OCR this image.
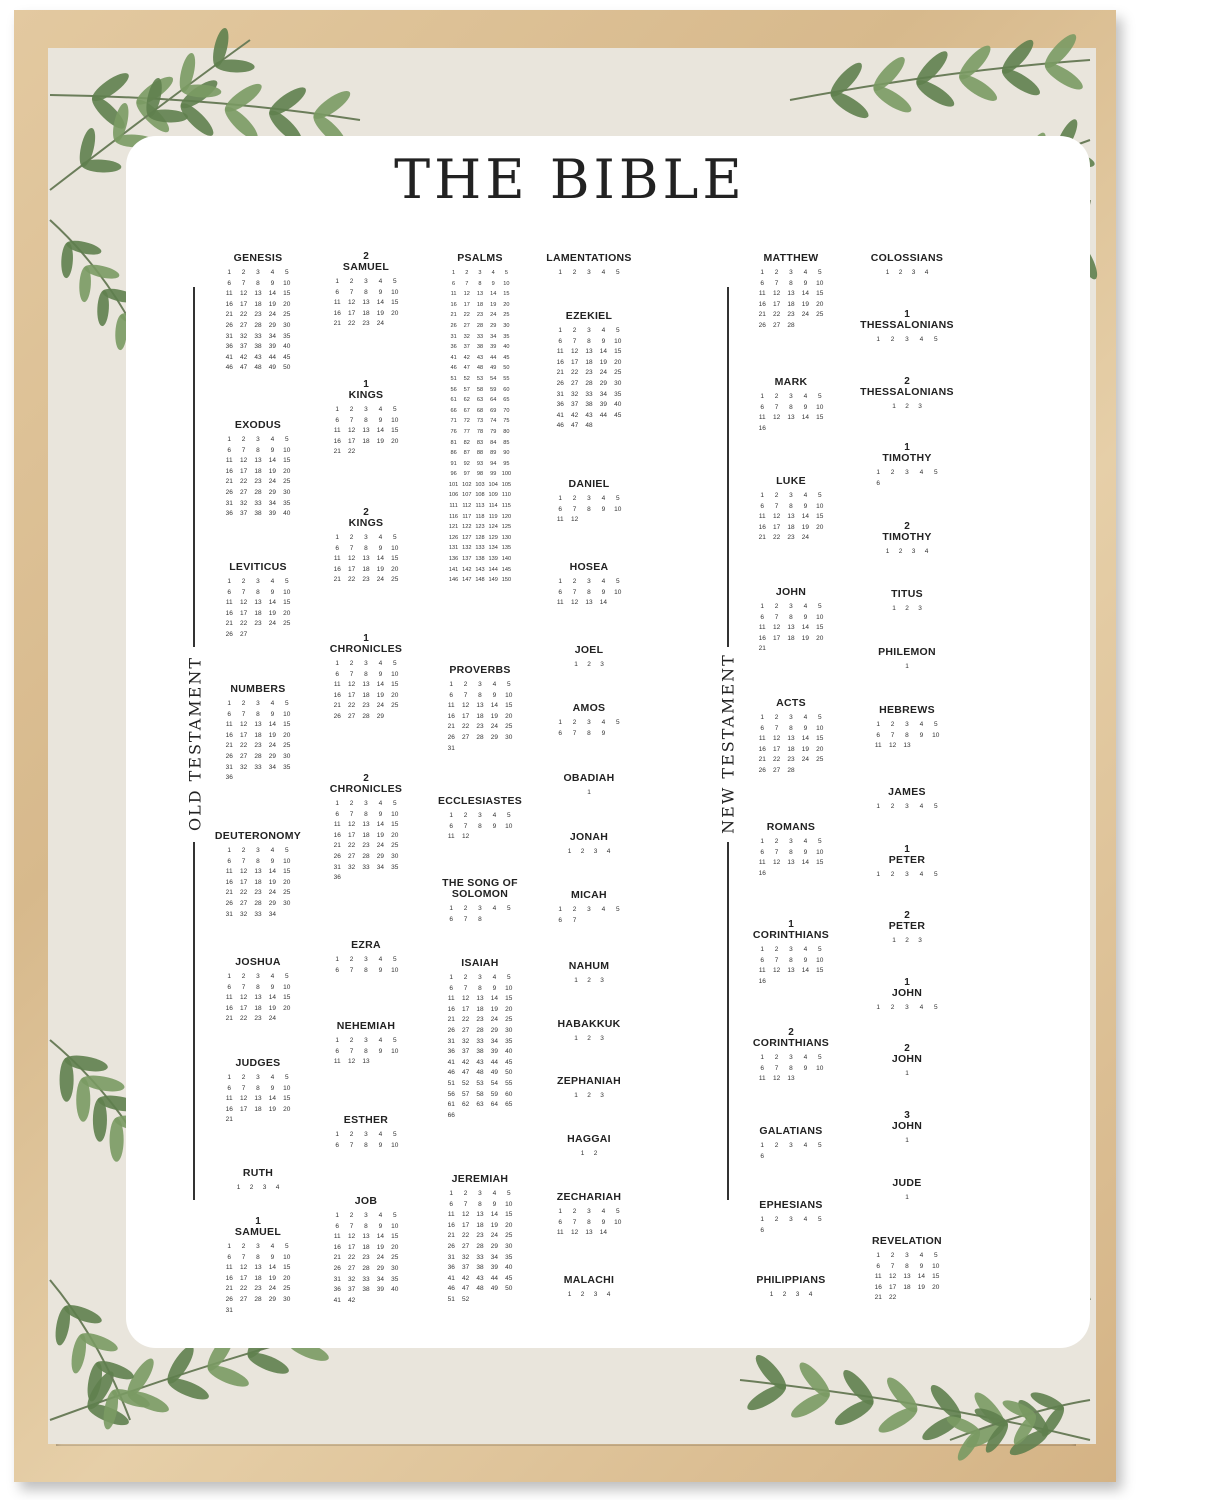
THE BIBLE
OLD TESTAMENT	NEW TESTAMENT
GENESIS
1	2	3	4	5
6	7	8	9	10
11	12	13	14	15
16	17	18	19	20
21	22	23	24	25
26	27	28	29	30
31	32	33	34	35
36	37	38	39	40
41	42	43	44	45
46	47	48	49	50
EXODUS
1	2	3	4	5
6	7	8	9	10
11	12	13	14	15
16	17	18	19	20
21	22	23	24	25
26	27	28	29	30
31	32	33	34	35
36	37	38	39	40
LEVITICUS
1	2	3	4	5
6	7	8	9	10
11	12	13	14	15
16	17	18	19	20
21	22	23	24	25
26	27
NUMBERS
1	2	3	4	5
6	7	8	9	10
11	12	13	14	15
16	17	18	19	20
21	22	23	24	25
26	27	28	29	30
31	32	33	34	35
36
DEUTERONOMY
1	2	3	4	5
6	7	8	9	10
11	12	13	14	15
16	17	18	19	20
21	22	23	24	25
26	27	28	29	30
31	32	33	34
JOSHUA
1	2	3	4	5
6	7	8	9	10
11	12	13	14	15
16	17	18	19	20
21	22	23	24
JUDGES
1	2	3	4	5
6	7	8	9	10
11	12	13	14	15
16	17	18	19	20
21
RUTH
1	2	3	4
1
SAMUEL
1	2	3	4	5
6	7	8	9	10
11	12	13	14	15
16	17	18	19	20
21	22	23	24	25
26	27	28	29	30
31
2
SAMUEL
1	2	3	4	5
6	7	8	9	10
11	12	13	14	15
16	17	18	19	20
21	22	23	24
1
KINGS
1	2	3	4	5
6	7	8	9	10
11	12	13	14	15
16	17	18	19	20
21	22
2
KINGS
1	2	3	4	5
6	7	8	9	10
11	12	13	14	15
16	17	18	19	20
21	22	23	24	25
1
CHRONICLES
1	2	3	4	5
6	7	8	9	10
11	12	13	14	15
16	17	18	19	20
21	22	23	24	25
26	27	28	29
2
CHRONICLES
1	2	3	4	5
6	7	8	9	10
11	12	13	14	15
16	17	18	19	20
21	22	23	24	25
26	27	28	29	30
31	32	33	34	35
36
EZRA
1	2	3	4	5
6	7	8	9	10
NEHEMIAH
1	2	3	4	5
6	7	8	9	10
11	12	13
ESTHER
1	2	3	4	5
6	7	8	9	10
JOB
1	2	3	4	5
6	7	8	9	10
11	12	13	14	15
16	17	18	19	20
21	22	23	24	25
26	27	28	29	30
31	32	33	34	35
36	37	38	39	40
41	42
PSALMS
1	2	3	4	5
6	7	8	9	10
11	12	13	14	15
16	17	18	19	20
21	22	23	24	25
26	27	28	29	30
31	32	33	34	35
36	37	38	39	40
41	42	43	44	45
46	47	48	49	50
51	52	53	54	55
56	57	58	59	60
61	62	63	64	65
66	67	68	69	70
71	72	73	74	75
76	77	78	79	80
81	82	83	84	85
86	87	88	89	90
91	92	93	94	95
96	97	98	99 100
101 102 103 104 105
106 107 108 109 110
111 112 113 114 115
116 117 118 119 120
121 122 123 124 125
126 127 128 129 130
131 132 133 134 135
136 137 138 139 140
141 142 143 144 145
146 147 148 149 150
PROVERBS
1	2	3	4	5
6	7	8	9	10
11	12	13	14	15
16	17	18	19	20
21	22	23	24	25
26	27	28	29	30
31
ECCLESIASTES
1	2	3	4	5
6	7	8	9	10
11	12
THE SONG OF SOLOMON
1	2	3	4	5
6	7	8
ISAIAH
1	2	3	4	5
6	7	8	9	10
11	12	13	14	15
16	17	18	19	20
21	22	23	24	25
26	27	28	29	30
31	32	33	34	35
36	37	38	39	40
41	42	43	44	45
46	47	48	49	50
51	52	53	54	55
56	57	58	59	60
61	62	63	64	65
66
JEREMIAH
1	2	3	4	5
6	7	8	9	10
11	12	13	14	15
16	17	18	19	20
21	22	23	24	25
26	27	28	29	30
31	32	33	34	35
36	37	38	39	40
41	42	43	44	45
46	47	48	49	50
51	52
LAMENTATIONS
1	2	3	4	5
EZEKIEL
1	2	3	4	5
6	7	8	9	10
11	12	13	14	15
16	17	18	19	20
21	22	23	24	25
26	27	28	29	30
31	32	33	34	35
36	37	38	39	40
41	42	43	44	45
46	47	48
DANIEL
1	2	3	4	5
6	7	8	9	10
11	12
HOSEA
1	2	3	4	5
6	7	8	9	10
11	12	13	14
JOEL
1	2	3
AMOS
1	2	3	4	5
6	7	8	9
OBADIAH
1
JONAH
1	2	3	4
MICAH
1	2	3	4	5
6	7
NAHUM
1	2	3
HABAKKUK
1	2	3
ZEPHANIAH
1	2	3
HAGGAI
1	2
ZECHARIAH
1	2	3	4	5
6	7	8	9	10
11	12	13	14
MALACHI
1	2	3	4
MATTHEW
1	2	3	4	5
6	7	8	9	10
11	12	13	14	15
16	17	18	19	20
21	22	23	24	25
26	27	28
MARK
1	2	3	4	5
6	7	8	9	10
11	12	13	14	15
16
LUKE
1	2	3	4	5
6	7	8	9	10
11	12	13	14	15
16	17	18	19	20
21	22	23	24
JOHN
1	2	3	4	5
6	7	8	9	10
11	12	13	14	15
16	17	18	19	20
21
ACTS
1	2	3	4	5
6	7	8	9	10
11	12	13	14	15
16	17	18	19	20
21	22	23	24	25
26	27	28
ROMANS
1	2	3	4	5
6	7	8	9	10
11	12	13	14	15
16
1
CORINTHIANS
1	2	3	4	5
6	7	8	9	10
11	12	13	14	15
16
2
CORINTHIANS
1	2	3	4	5
6	7	8	9	10
11	12	13
GALATIANS
1	2	3	4	5
6
EPHESIANS
1	2	3	4	5
6
PHILIPPIANS
1	2	3	4
COLOSSIANS
1	2	3	4
1
THESSALONIANS
1	2	3	4	5
2
THESSALONIANS
1	2	3
1
TIMOTHY
1	2	3	4	5
6
2
TIMOTHY
1	2	3	4
TITUS
1	2	3
PHILEMON
1
HEBREWS
1	2	3	4	5
6	7	8	9	10
11	12	13
JAMES
1	2	3	4	5
1
PETER
1	2	3	4	5
2
PETER
1	2	3
1
JOHN
1	2	3	4	5
2
JOHN
1
3
JOHN
1
JUDE
1
REVELATION
1	2	3	4	5
6	7	8	9	10
11	12	13	14	15
16	17	18	19	20
21	22
